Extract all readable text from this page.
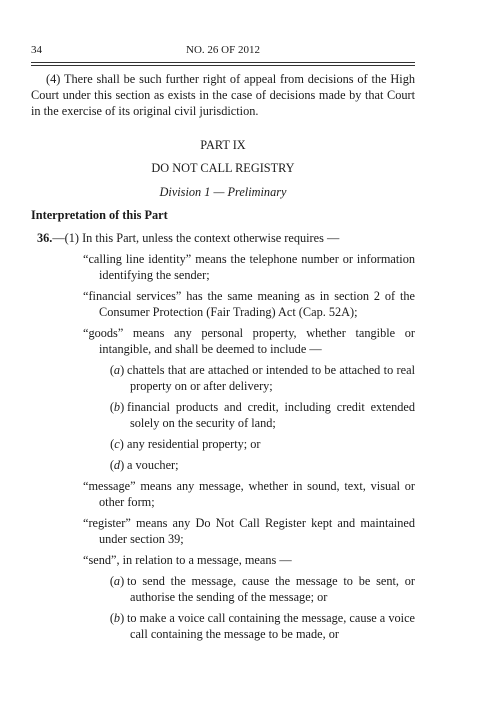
34	NO. 26 OF 2012

(4) There shall be such further right of appeal from decisions of the High Court under this section as exists in the case of decisions made by that Court in the exercise of its original civil jurisdiction.

PART IX

DO NOT CALL REGISTRY

Division 1 — Preliminary

Interpretation of this Part

36.—(1) In this Part, unless the context otherwise requires —

“calling line identity” means the telephone number or information identifying the sender;

“financial services” has the same meaning as in section 2 of the Consumer Protection (Fair Trading) Act (Cap. 52A);

“goods” means any personal property, whether tangible or intangible, and shall be deemed to include —

(a) chattels that are attached or intended to be attached to real property on or after delivery;

(b) financial products and credit, including credit extended solely on the security of land;

(c) any residential property; or

(d) a voucher;

“message” means any message, whether in sound, text, visual or other form;

“register” means any Do Not Call Register kept and maintained under section 39;

“send”, in relation to a message, means —

(a) to send the message, cause the message to be sent, or authorise the sending of the message; or

(b) to make a voice call containing the message, cause a voice call containing the message to be made, or
